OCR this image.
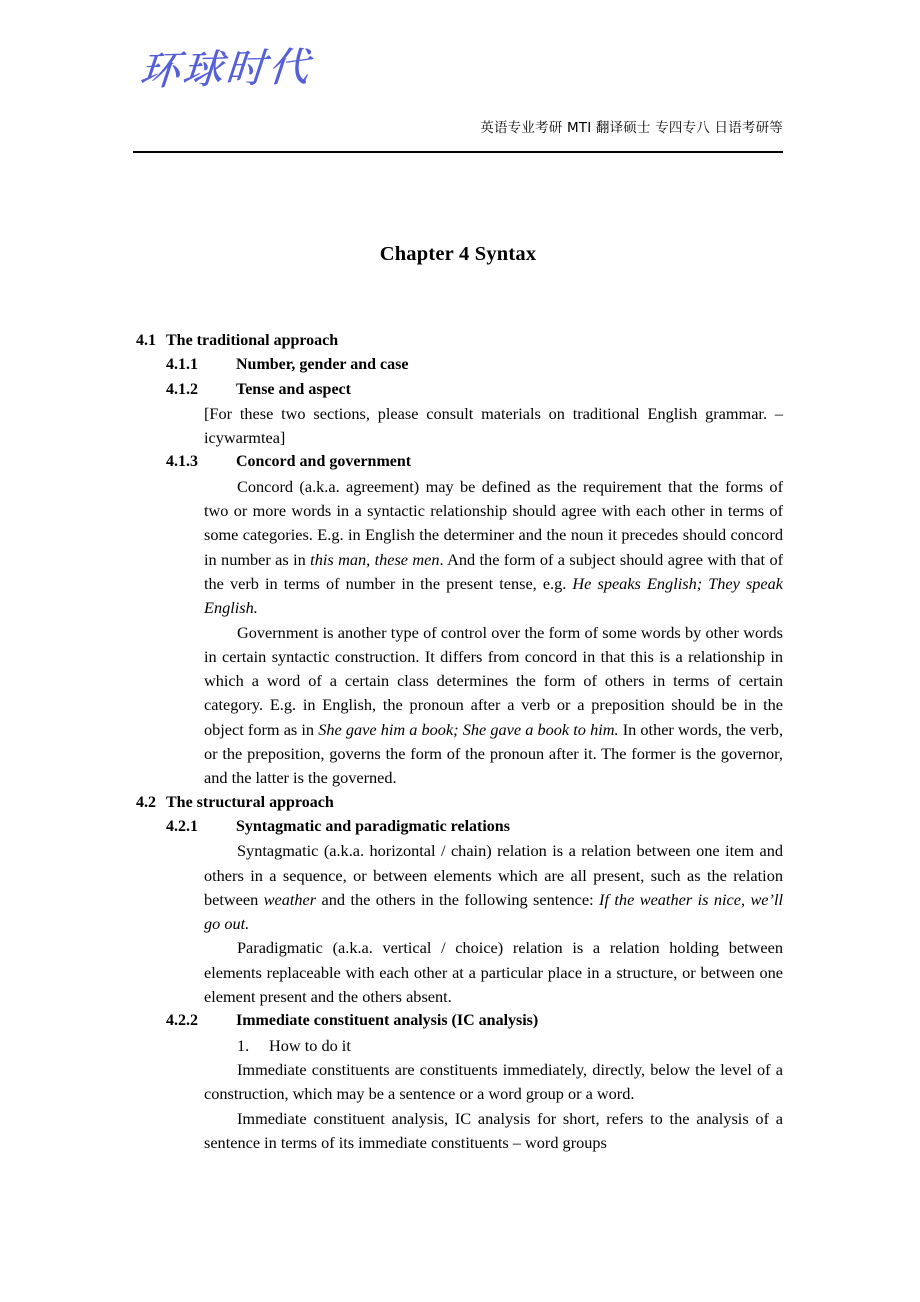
环球时代
英语专业考研 MTI 翻译硕士 专四专八 日语考研等
Chapter 4 Syntax
4.1 The traditional approach
4.1.1	Number, gender and case
4.1.2	Tense and aspect

[For these two sections, please consult materials on traditional English grammar. – icywarmtea]

4.1.3	Concord and government

Concord (a.k.a. agreement) may be defined as the requirement that the forms of two or more words in a syntactic relationship should agree with each other in terms of some categories. E.g. in English the determiner and the noun it precedes should concord in number as in this man, these men. And the form of a subject should agree with that of the verb in terms of number in the present tense, e.g. He speaks English; They speak English.

Government is another type of control over the form of some words by other words in certain syntactic construction. It differs from concord in that this is a relationship in which a word of a certain class determines the form of others in terms of certain category. E.g. in English, the pronoun after a verb or a preposition should be in the object form as in She gave him a book; She gave a book to him. In other words, the verb, or the preposition, governs the form of the pronoun after it. The former is the governor, and the latter is the governed.

4.2 The structural approach
4.2.1	Syntagmatic and paradigmatic relations

Syntagmatic (a.k.a. horizontal / chain) relation is a relation between one item and others in a sequence, or between elements which are all present, such as the relation between weather and the others in the following sentence: If the weather is nice, we’ll go out.

Paradigmatic (a.k.a. vertical / choice) relation is a relation holding between elements replaceable with each other at a particular place in a structure, or between one element present and the others absent.

4.2.2	Immediate constituent analysis (IC analysis)
1.	How to do it

Immediate constituents are constituents immediately, directly, below the level of a construction, which may be a sentence or a word group or a word.

Immediate constituent analysis, IC analysis for short, refers to the analysis of a sentence in terms of its immediate constituents – word groups
